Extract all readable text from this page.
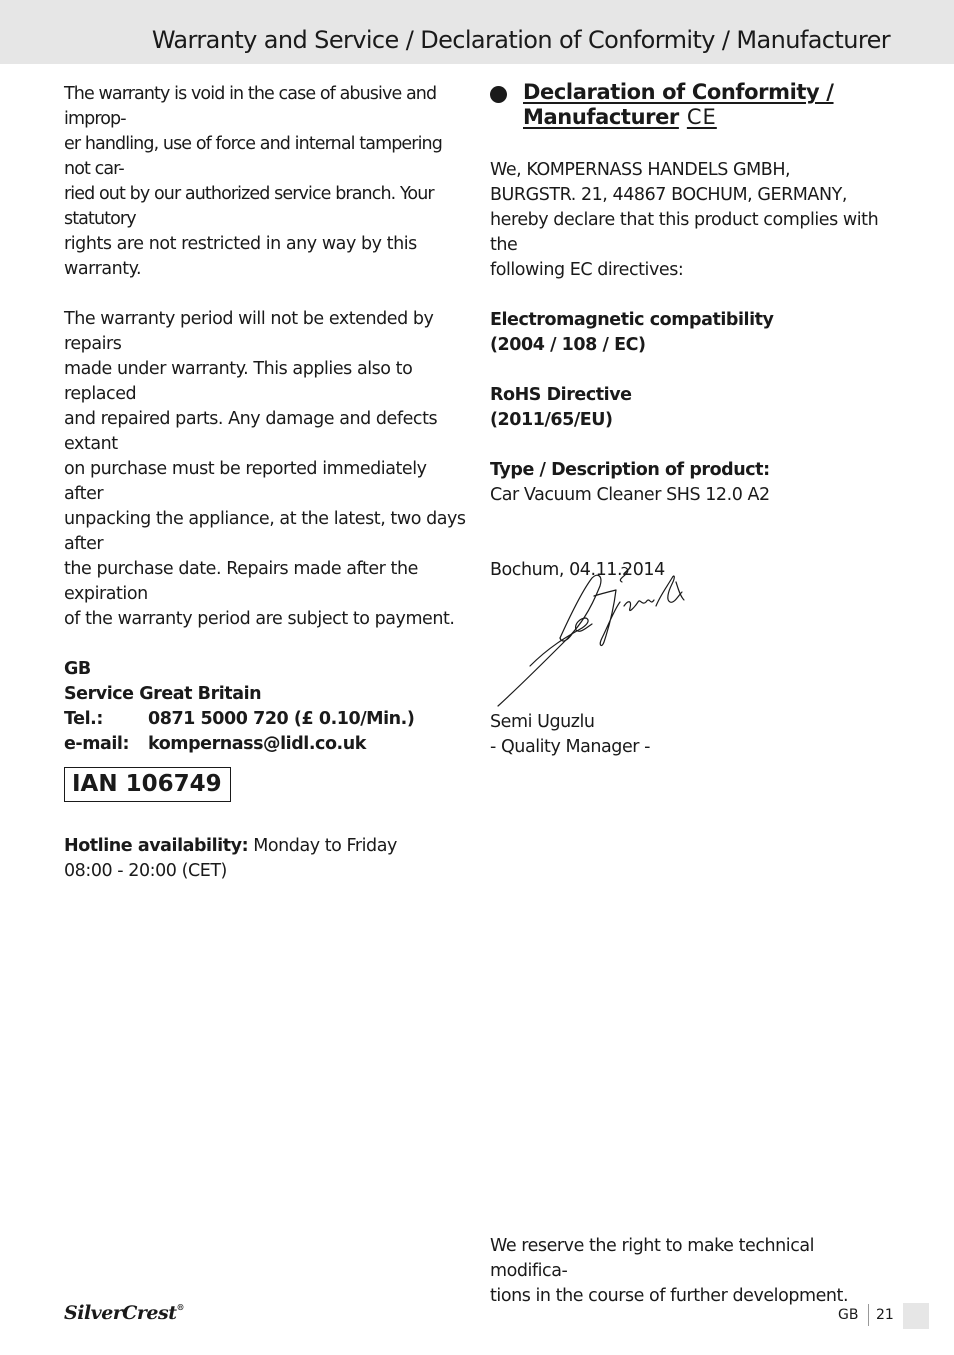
Warranty and Service / Declaration of Conformity / Manufacturer

The warranty is void in the case of abusive and improp-

er handling, use of force and internal tampering not car-

ried out by our authorized service branch. Your statutory

rights are not restricted in any way by this warranty.

The warranty period will not be extended by repairs

made under warranty. This applies also to replaced

and repaired parts. Any damage and defects extant

on purchase must be reported immediately after

unpacking the appliance, at the latest, two days after

the purchase date. Repairs made after the expiration

of the warranty period are subject to payment.

GB

Service Great Britain

Tel.:	0871 5000 720 (£ 0.10/Min.)
e-mail:	kompernass@lidl.co.uk
IAN 106749

Hotline availability: Monday to Friday

08:00 - 20:00 (CET)

Declaration of Conformity /
Manufacturer CE

We, KOMPERNASS HANDELS GMBH,

BURGSTR. 21, 44867 BOCHUM, GERMANY,

hereby declare that this product complies with the

following EC directives:

Electromagnetic compatibility

(2004 / 108 / EC)

RoHS Directive

(2011/65/EU)

Type / Description of product:

Car Vacuum Cleaner SHS 12.0 A2

Bochum, 04.11.2014

Semi Uguzlu

- Quality Manager -

We reserve the right to make technical modifica-

tions in the course of further development.

SilverCrest®	GB 21
